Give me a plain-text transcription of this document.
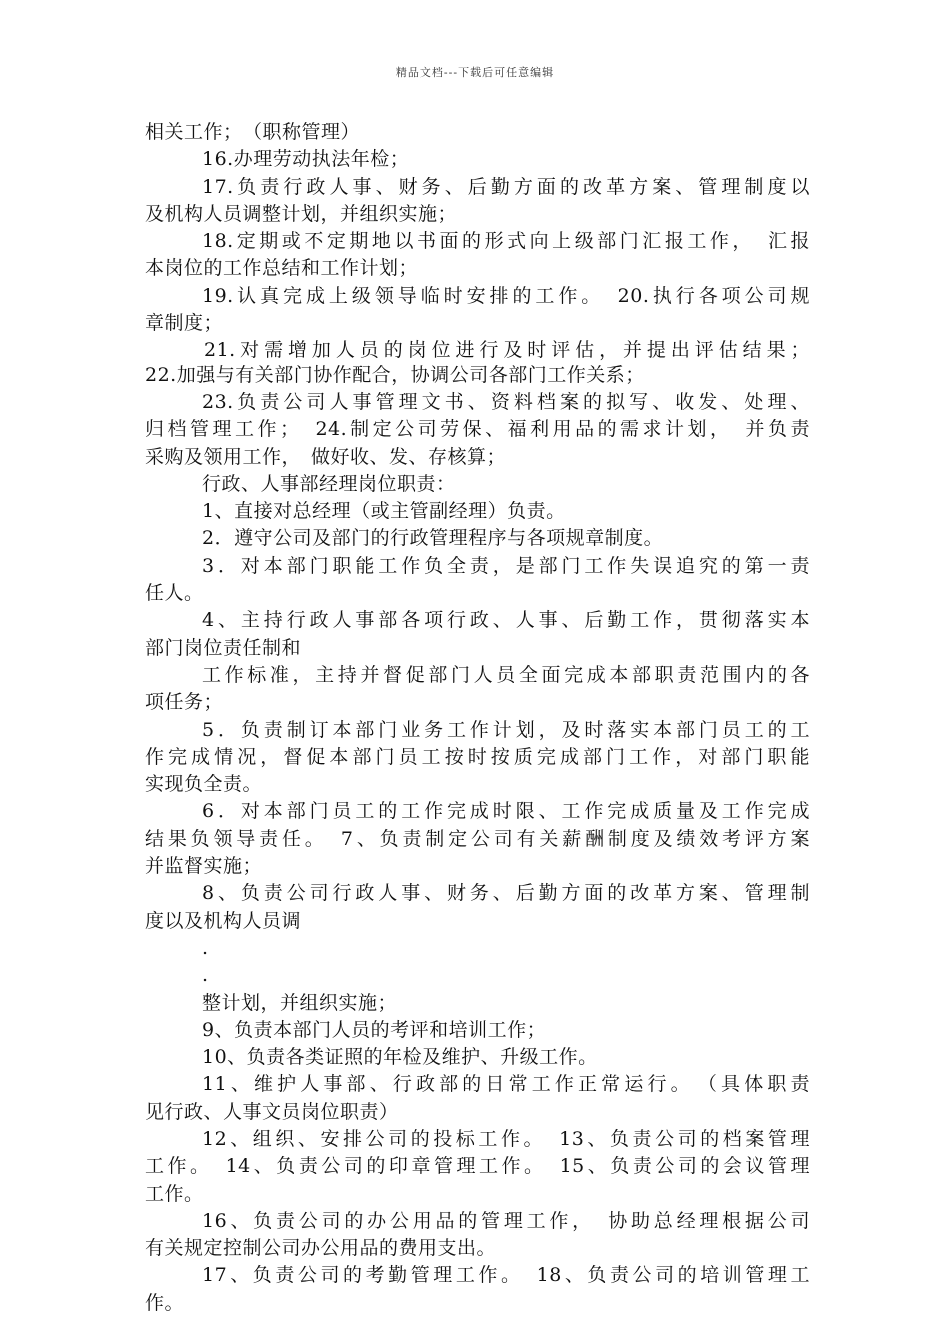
精品文档---下载后可任意编辑
相关工作；　（职称管理）
16.办理劳动执法年检；
17.负责行政人事、财务、后勤方面的改革方案、管理制度以
及机构人员调整计划，并组织实施；
18.定期或不定期地以书面的形式向上级部门汇报工作，　汇报
本岗位的工作总结和工作计划；
19.认真完成上级领导临时安排的工作。　20.执行各项公司规
章制度；
21.对需增加人员的岗位进行及时评估，并提出评估结果；
22.加强与有关部门协作配合，协调公司各部门工作关系；
23.负责公司人事管理文书、资料档案的拟写、收发、处理、
归档管理工作；　24.制定公司劳保、福利用品的需求计划，　并负责
采购及领用工作，　做好收、发、存核算；
行政、人事部经理岗位职责：
1、直接对总经理（或主管副经理）负责。
2．遵守公司及部门的行政管理程序与各项规章制度。
3．对本部门职能工作负全责，是部门工作失误追究的第一责
任人。
4、主持行政人事部各项行政、人事、后勤工作，贯彻落实本
部门岗位责任制和
工作标准，主持并督促部门人员全面完成本部职责范围内的各
项任务；
5．负责制订本部门业务工作计划，及时落实本部门员工的工
作完成情况，督促本部门员工按时按质完成部门工作，对部门职能
实现负全责。
6．对本部门员工的工作完成时限、工作完成质量及工作完成
结果负领导责任。　7、负责制定公司有关薪酬制度及绩效考评方案
并监督实施；
8、负责公司行政人事、财务、后勤方面的改革方案、管理制
度以及机构人员调
.
.
整计划，并组织实施；
9、负责本部门人员的考评和培训工作；
10、负责各类证照的年检及维护、升级工作。
11、维护人事部、行政部的日常工作正常运行。　（具体职责
见行政、人事文员岗位职责）
12、组织、安排公司的投标工作。　13、负责公司的档案管理
工作。　14、负责公司的印章管理工作。　15、负责公司的会议管理
工作。
16、负责公司的办公用品的管理工作，　协助总经理根据公司
有关规定控制公司办公用品的费用支出。
17、负责公司的考勤管理工作。　18、负责公司的培训管理工
作。
